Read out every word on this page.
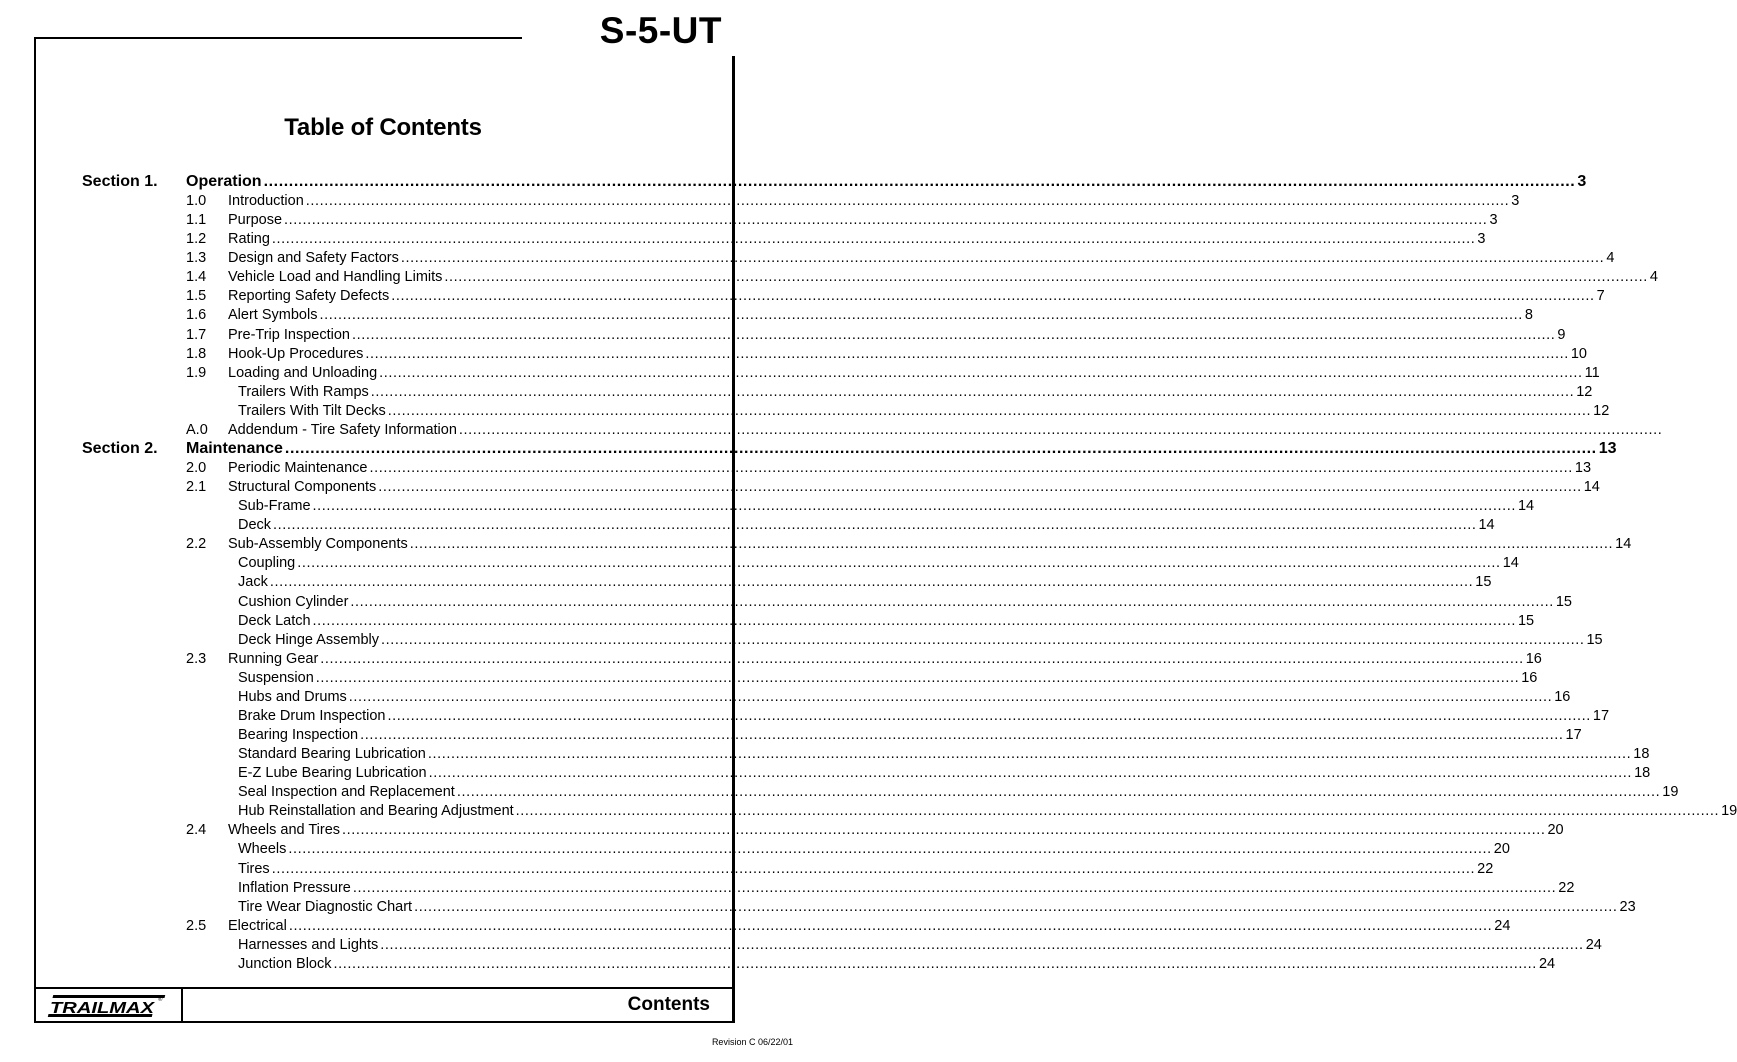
S-5-UT
Table of Contents
Section 1. Operation .................................................................................................................................................................................................................................................................... 3
1.0 Introduction .................................................................................................................................................................................................................................................................... 3
1.1 Purpose .................................................................................................................................................................................................................................................................... 3
1.2 Rating .................................................................................................................................................................................................................................................................... 3
1.3 Design and Safety Factors .................................................................................................................................................................................................................................................................... 4
1.4 Vehicle Load and Handling Limits .................................................................................................................................................................................................................................................................... 4
1.5 Reporting Safety Defects .................................................................................................................................................................................................................................................................... 7
1.6 Alert Symbols .................................................................................................................................................................................................................................................................... 8
1.7 Pre-Trip Inspection .................................................................................................................................................................................................................................................................... 9
1.8 Hook-Up Procedures .................................................................................................................................................................................................................................................................... 10
1.9 Loading and Unloading .................................................................................................................................................................................................................................................................... 11
Trailers With Ramps .................................................................................................................................................................................................................................................................... 12
Trailers With Tilt Decks .................................................................................................................................................................................................................................................................... 12
A.0 Addendum - Tire Safety Information ....................................................................................................................................................................................................................................................................
Section 2. Maintenance .................................................................................................................................................................................................................................................................... 13
2.0 Periodic Maintenance .................................................................................................................................................................................................................................................................... 13
2.1 Structural Components .................................................................................................................................................................................................................................................................... 14
Sub-Frame .................................................................................................................................................................................................................................................................... 14
Deck .................................................................................................................................................................................................................................................................... 14
2.2 Sub-Assembly Components .................................................................................................................................................................................................................................................................... 14
Coupling .................................................................................................................................................................................................................................................................... 14
Jack .................................................................................................................................................................................................................................................................... 15
Cushion Cylinder .................................................................................................................................................................................................................................................................... 15
Deck Latch .................................................................................................................................................................................................................................................................... 15
Deck Hinge Assembly .................................................................................................................................................................................................................................................................... 15
2.3 Running Gear .................................................................................................................................................................................................................................................................... 16
Suspension .................................................................................................................................................................................................................................................................... 16
Hubs and Drums .................................................................................................................................................................................................................................................................... 16
Brake Drum Inspection .................................................................................................................................................................................................................................................................... 17
Bearing Inspection .................................................................................................................................................................................................................................................................... 17
Standard Bearing Lubrication .................................................................................................................................................................................................................................................................... 18
E-Z Lube Bearing Lubrication .................................................................................................................................................................................................................................................................... 18
Seal Inspection and Replacement .................................................................................................................................................................................................................................................................... 19
Hub Reinstallation and Bearing Adjustment .................................................................................................................................................................................................................................................................... 19
2.4 Wheels and Tires .................................................................................................................................................................................................................................................................... 20
Wheels .................................................................................................................................................................................................................................................................... 20
Tires .................................................................................................................................................................................................................................................................... 22
Inflation Pressure .................................................................................................................................................................................................................................................................... 22
Tire Wear Diagnostic Chart .................................................................................................................................................................................................................................................................... 23
2.5 Electrical .................................................................................................................................................................................................................................................................... 24
Harnesses and Lights .................................................................................................................................................................................................................................................................... 24
Junction Block .................................................................................................................................................................................................................................................................... 24
TRAILMAX ®	Contents
Revision C 06/22/01
